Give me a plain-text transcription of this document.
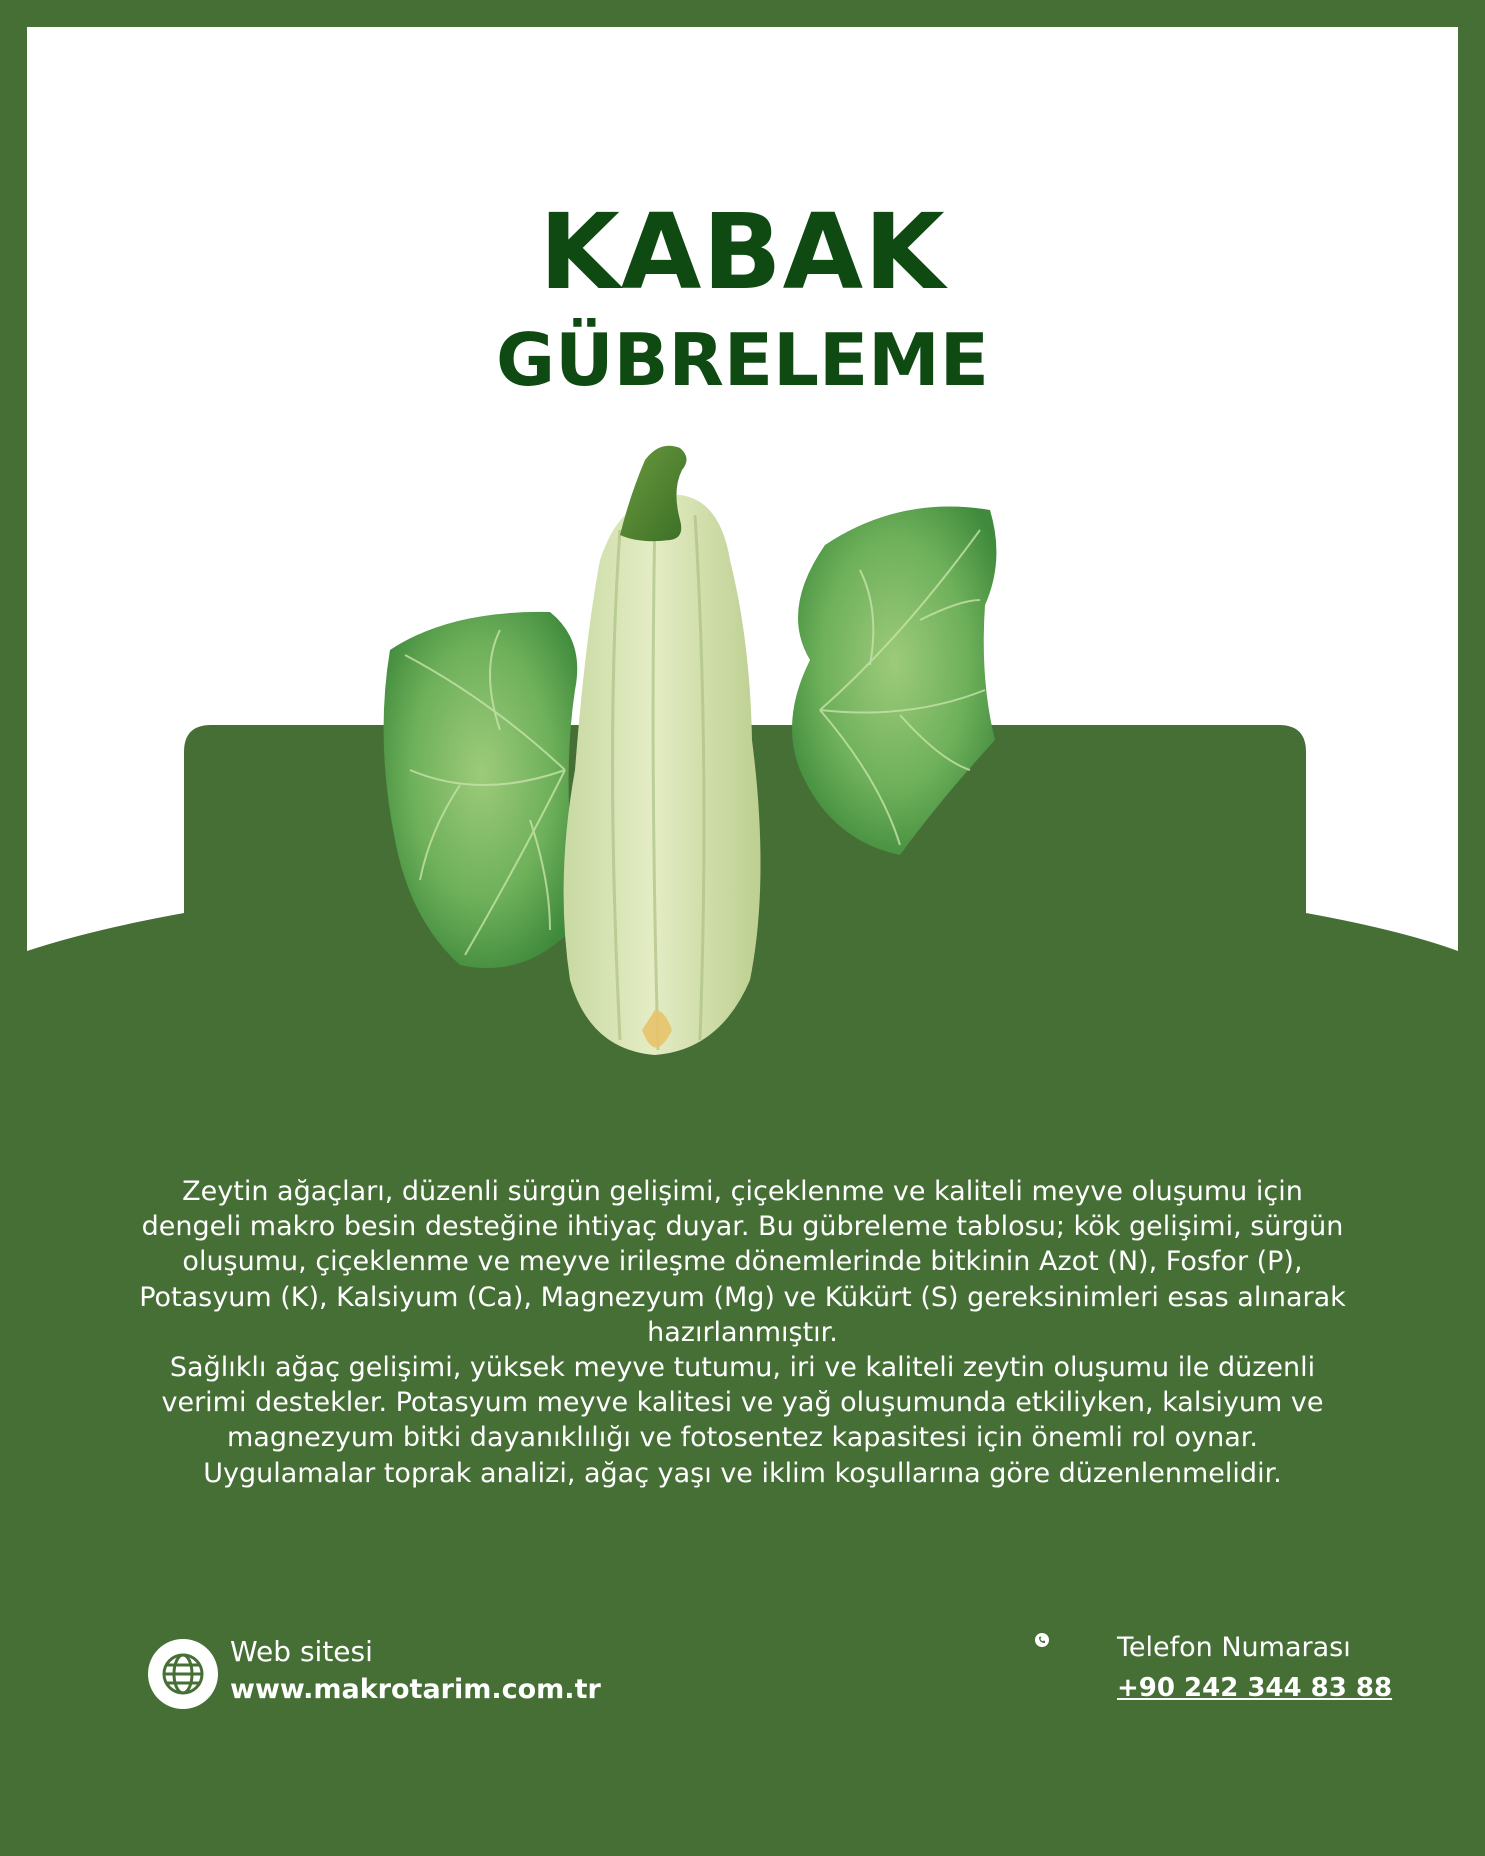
KABAK
GÜBRELEME

Zeytin ağaçları, düzenli sürgün gelişimi, çiçeklenme ve kaliteli meyve oluşumu için dengeli makro besin desteğine ihtiyaç duyar. Bu gübreleme tablosu; kök gelişimi, sürgün oluşumu, çiçeklenme ve meyve irileşme dönemlerinde bitkinin Azot (N), Fosfor (P), Potasyum (K), Kalsiyum (Ca), Magnezyum (Mg) ve Kükürt (S) gereksinimleri esas alınarak hazırlanmıştır.

Sağlıklı ağaç gelişimi, yüksek meyve tutumu, iri ve kaliteli zeytin oluşumu ile düzenli verimi destekler. Potasyum meyve kalitesi ve yağ oluşumunda etkiliyken, kalsiyum ve magnezyum bitki dayanıklılığı ve fotosentez kapasitesi için önemli rol oynar.

Uygulamalar toprak analizi, ağaç yaşı ve iklim koşullarına göre düzenlenmelidir.

Web sitesi
www.makrotarim.com.tr
Telefon Numarası
+90 242 344 83 88
